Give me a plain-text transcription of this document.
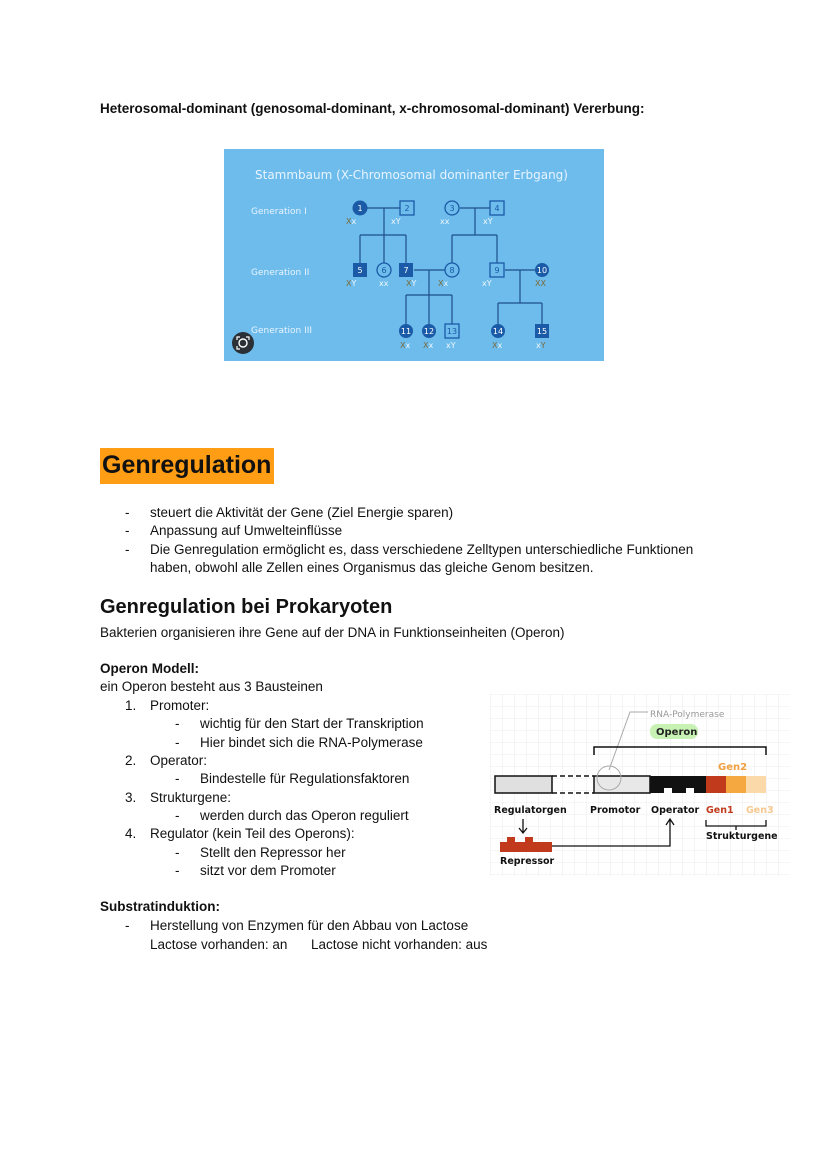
Heterosomal-dominant (genosomal-dominant, x-chromosomal-dominant) Vererbung:
Stammbaum (X-Chromosomal dominanter Erbgang)
Generation I
Generation II
Generation III
1	2	3	4
5 6 7	8	9	10
11 12 13	14	15
Xx	xY	xx	xY
XY	xx XY	Xx	xY	XX
Xx Xx xY	Xx	xY
Genregulation
- steuert die Aktivität der Gene (Ziel Energie sparen)
- Anpassung auf Umwelteinflüsse
- Die Genregulation ermöglicht es, dass verschiedene Zelltypen unterschiedliche Funktionen haben, obwohl alle Zellen eines Organismus das gleiche Genom besitzen.
Genregulation bei Prokaryoten
Bakterien organisieren ihre Gene auf der DNA in Funktionseinheiten (Operon)
Operon Modell:
ein Operon besteht aus 3 Bausteinen
1. Promoter:
- wichtig für den Start der Transkription
- Hier bindet sich die RNA-Polymerase
2. Operator:
- Bindestelle für Regulationsfaktoren
3. Strukturgene:
- werden durch das Operon reguliert
4. Regulator (kein Teil des Operons):
- Stellt den Repressor her
- sitzt vor dem Promoter
RNA-Polymerase
Operon
Gen2
Regulatorgen Promotor Operator Gen1 Gen3
Strukturgene
Repressor
Substratinduktion:
- Herstellung von Enzymen für den Abbau von Lactose
Lactose vorhanden: an Lactose nicht vorhanden: aus
